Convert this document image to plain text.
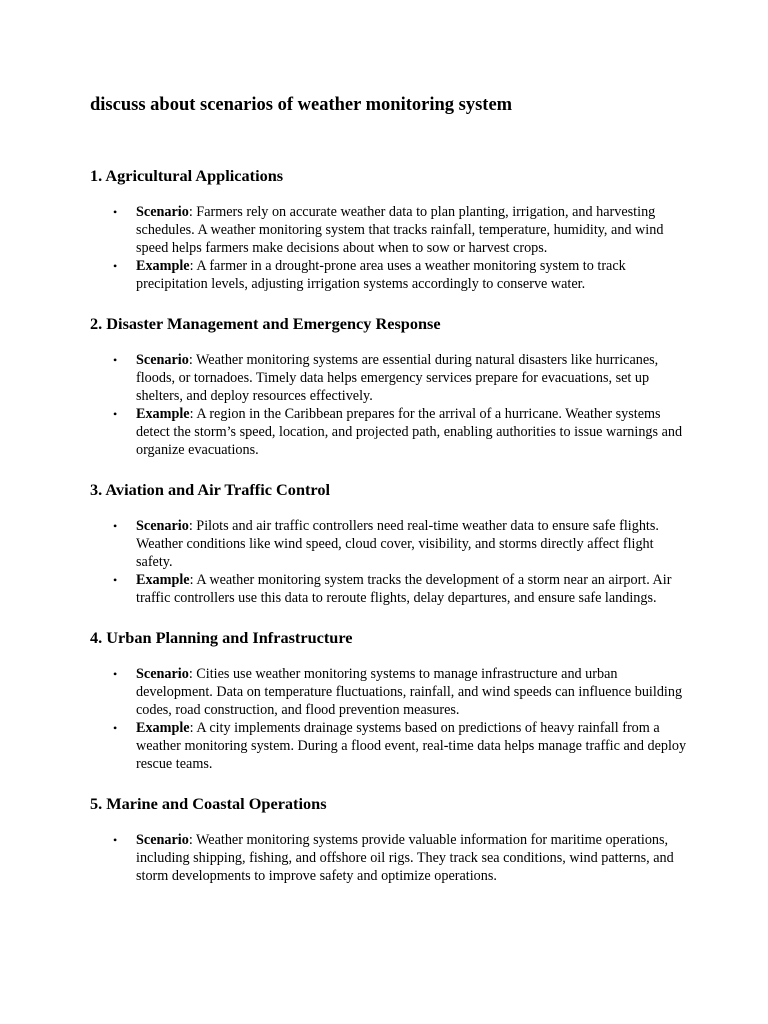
discuss about scenarios of weather monitoring system
1. Agricultural Applications
• Scenario: Farmers rely on accurate weather data to plan planting, irrigation, and harvesting schedules. A weather monitoring system that tracks rainfall, temperature, humidity, and wind speed helps farmers make decisions about when to sow or harvest crops.
• Example: A farmer in a drought-prone area uses a weather monitoring system to track precipitation levels, adjusting irrigation systems accordingly to conserve water.
2. Disaster Management and Emergency Response
• Scenario: Weather monitoring systems are essential during natural disasters like hurricanes, floods, or tornadoes. Timely data helps emergency services prepare for evacuations, set up shelters, and deploy resources effectively.
• Example: A region in the Caribbean prepares for the arrival of a hurricane. Weather systems detect the storm’s speed, location, and projected path, enabling authorities to issue warnings and organize evacuations.
3. Aviation and Air Traffic Control
• Scenario: Pilots and air traffic controllers need real-time weather data to ensure safe flights. Weather conditions like wind speed, cloud cover, visibility, and storms directly affect flight safety.
• Example: A weather monitoring system tracks the development of a storm near an airport. Air traffic controllers use this data to reroute flights, delay departures, and ensure safe landings.
4. Urban Planning and Infrastructure
• Scenario: Cities use weather monitoring systems to manage infrastructure and urban development. Data on temperature fluctuations, rainfall, and wind speeds can influence building codes, road construction, and flood prevention measures.
• Example: A city implements drainage systems based on predictions of heavy rainfall from a weather monitoring system. During a flood event, real-time data helps manage traffic and deploy rescue teams.
5. Marine and Coastal Operations
• Scenario: Weather monitoring systems provide valuable information for maritime operations, including shipping, fishing, and offshore oil rigs. They track sea conditions, wind patterns, and storm developments to improve safety and optimize operations.
